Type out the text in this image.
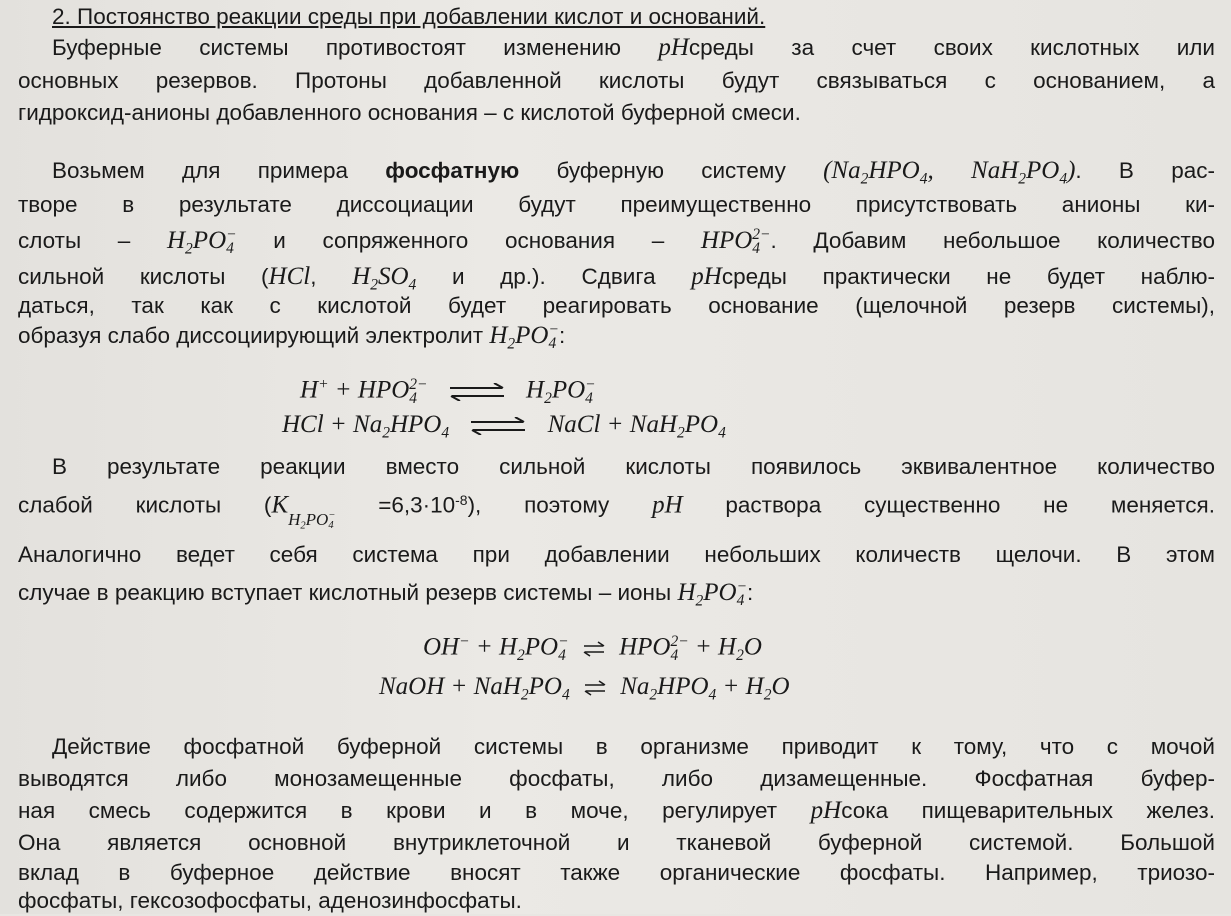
2. Постоянство реакции среды при добавлении кислот и оснований.
Буферные системы противостоят изменению pHсреды за счет своих кислотных или
основных резервов. Протоны добавленной кислоты будут связываться с основанием, а
гидроксид-анионы добавленного основания – с кислотой буферной смеси.
Возьмем для примера фосфатную буферную систему ($Na_2HPO_4$, $NaH_2PO_4$). В рас-
творе в результате диссоциации будут преимущественно присутствовать анионы ки-
слоты – $H_2PO$ −
4 и сопряженного основания – HPO 2−
4 . Добавим небольшое количество
сильной кислоты (HCl, $H_2SO_4$ и др.). Сдвига pHсреды практически не будет наблю-
даться, так как с кислотой будет реагировать основание (щелочной резерв системы),
образуя слабо диссоциирующий электролит $H_2PO$ −
4 :
H+ + HPO 2−
4	⇌ $H_2PO$ −
4
HCl + $Na_2HPO_4$ ⇌ NaCl + $NaH_2PO_4$
В результате реакции вместо сильной кислоты появилось эквивалентное количество
слабой кислоты ($K_{H_2PO - 4}$
$=6,3\cdot 10^{-8}$), поэтому pH раствора существенно не меняется.
Аналогично ведет себя система при добавлении небольших количеств щелочи. В этом
случае в реакцию вступает кислотный резерв системы – ионы $H_2PO$ −
4 :
$OH^- + H_2PO$ −
4 ⇌ HPO 2−
$4 + H_2O$
NaOH + $NaH_2PO_4$ ⇌ $Na_2HPO_4 + H_2O$
Действие фосфатной буферной системы в организме приводит к тому, что с мочой
выводятся либо монозамещенные фосфаты, либо дизамещенные. Фосфатная буфер-
ная смесь содержится в крови и в моче, регулирует pHсока пищеварительных желез.
Она является основной внутриклеточной и тканевой буферной системой. Большой
вклад в буферное действие вносят также органические фосфаты. Например, триозо-
фосфаты, гексозофосфаты, аденозинфосфаты.
